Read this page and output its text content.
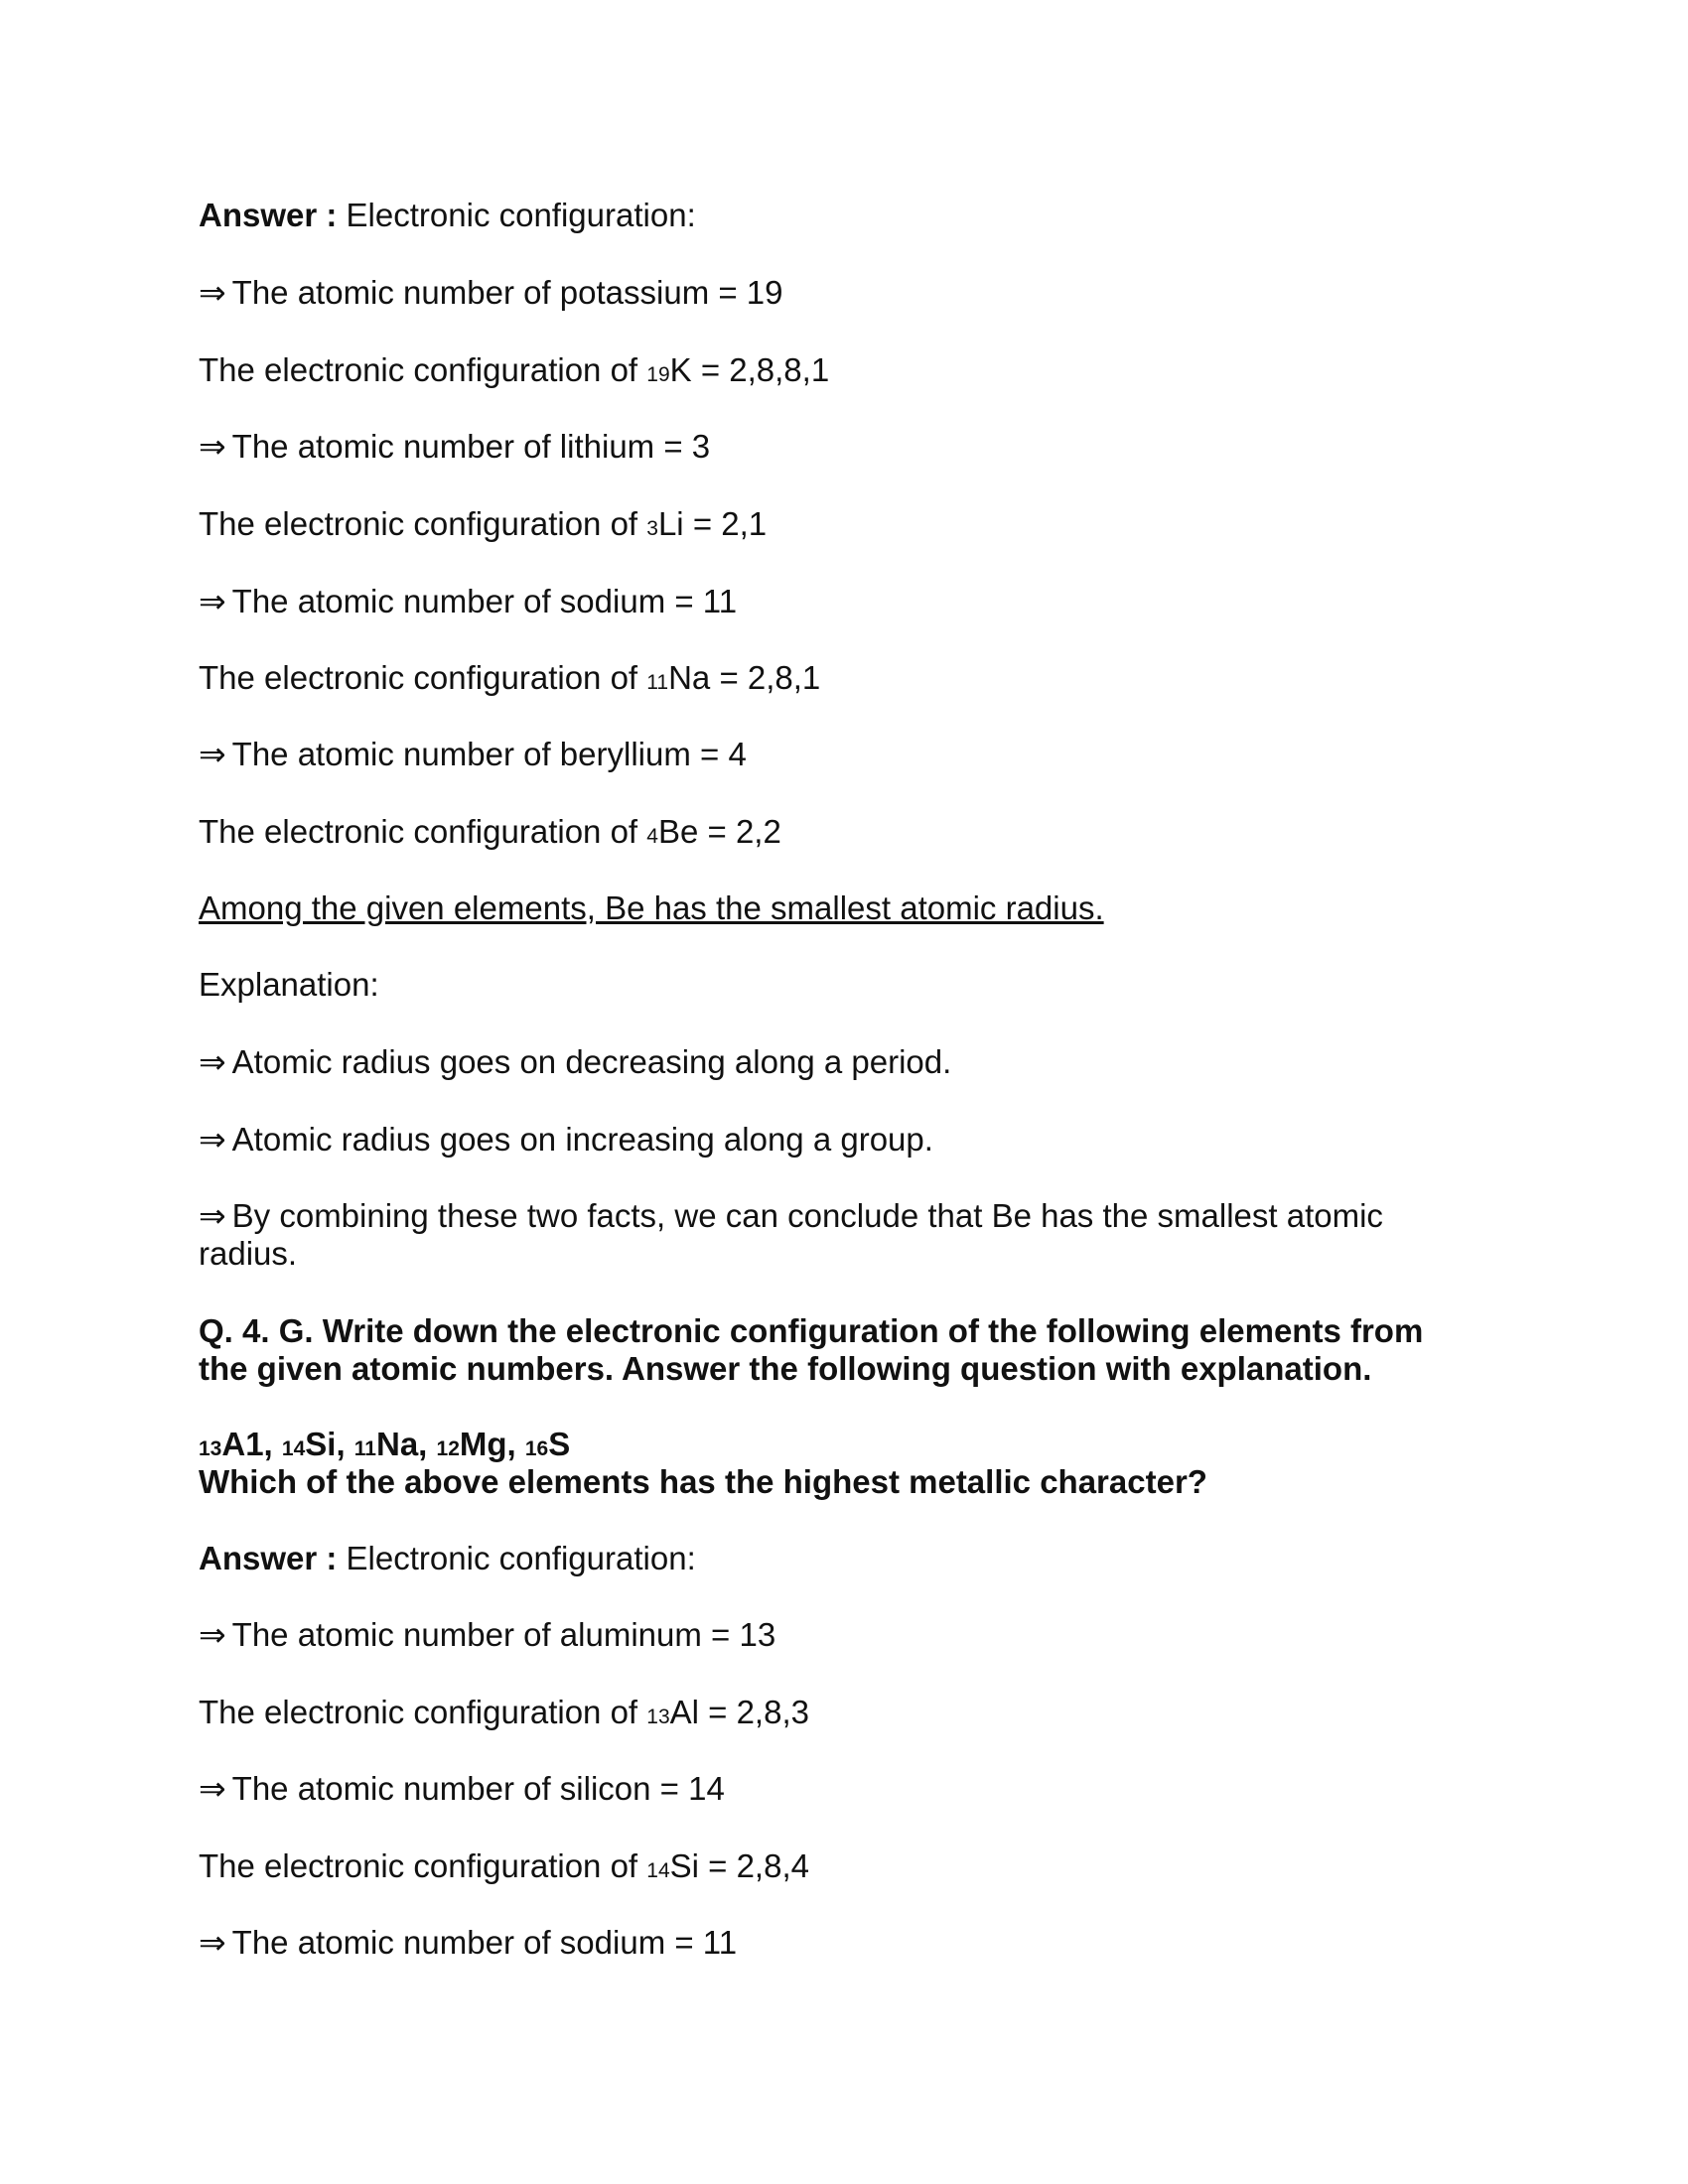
Answer : Electronic configuration:
⇒ The atomic number of potassium = 19
The electronic configuration of 19K = 2,8,8,1
⇒ The atomic number of lithium = 3
The electronic configuration of 3Li = 2,1
⇒ The atomic number of sodium = 11
The electronic configuration of 11Na = 2,8,1
⇒ The atomic number of beryllium = 4
The electronic configuration of 4Be = 2,2
Among the given elements, Be has the smallest atomic radius.
Explanation:
⇒ Atomic radius goes on decreasing along a period.
⇒ Atomic radius goes on increasing along a group.
⇒ By combining these two facts, we can conclude that Be has the smallest atomic radius.
Q. 4. G. Write down the electronic configuration of the following elements from the given atomic numbers. Answer the following question with explanation.
13A1, 14Si, 11Na, 12Mg, 16S
Which of the above elements has the highest metallic character?
Answer : Electronic configuration:
⇒ The atomic number of aluminum = 13
The electronic configuration of 13Al = 2,8,3
⇒ The atomic number of silicon = 14
The electronic configuration of 14Si = 2,8,4
⇒ The atomic number of sodium = 11
